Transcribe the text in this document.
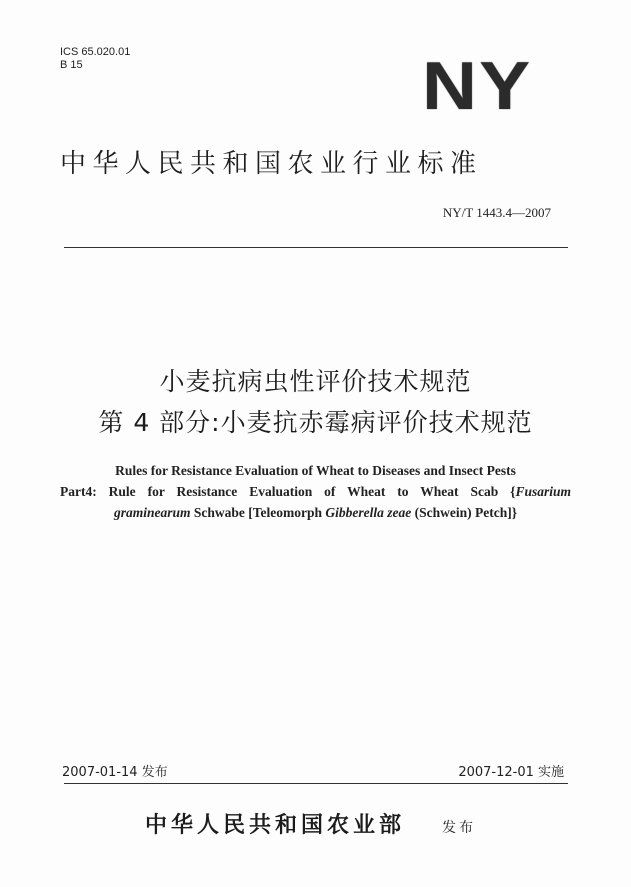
ICS 65.020.01
B 15	NY
中华人民共和国农业行业标准
NY/T 1443.4—2007
小麦抗病虫性评价技术规范
第 4 部分:小麦抗赤霉病评价技术规范
Rules for Resistance Evaluation of Wheat to Diseases and Insect Pests
Part4: Rule for Resistance Evaluation of Wheat to Wheat Scab {Fusarium
graminearum Schwabe [Teleomorph Gibberella zeae (Schwein) Petch]}
2007-01-14 发布	2007-12-01 实施
中华人民共和国农业部	发布
